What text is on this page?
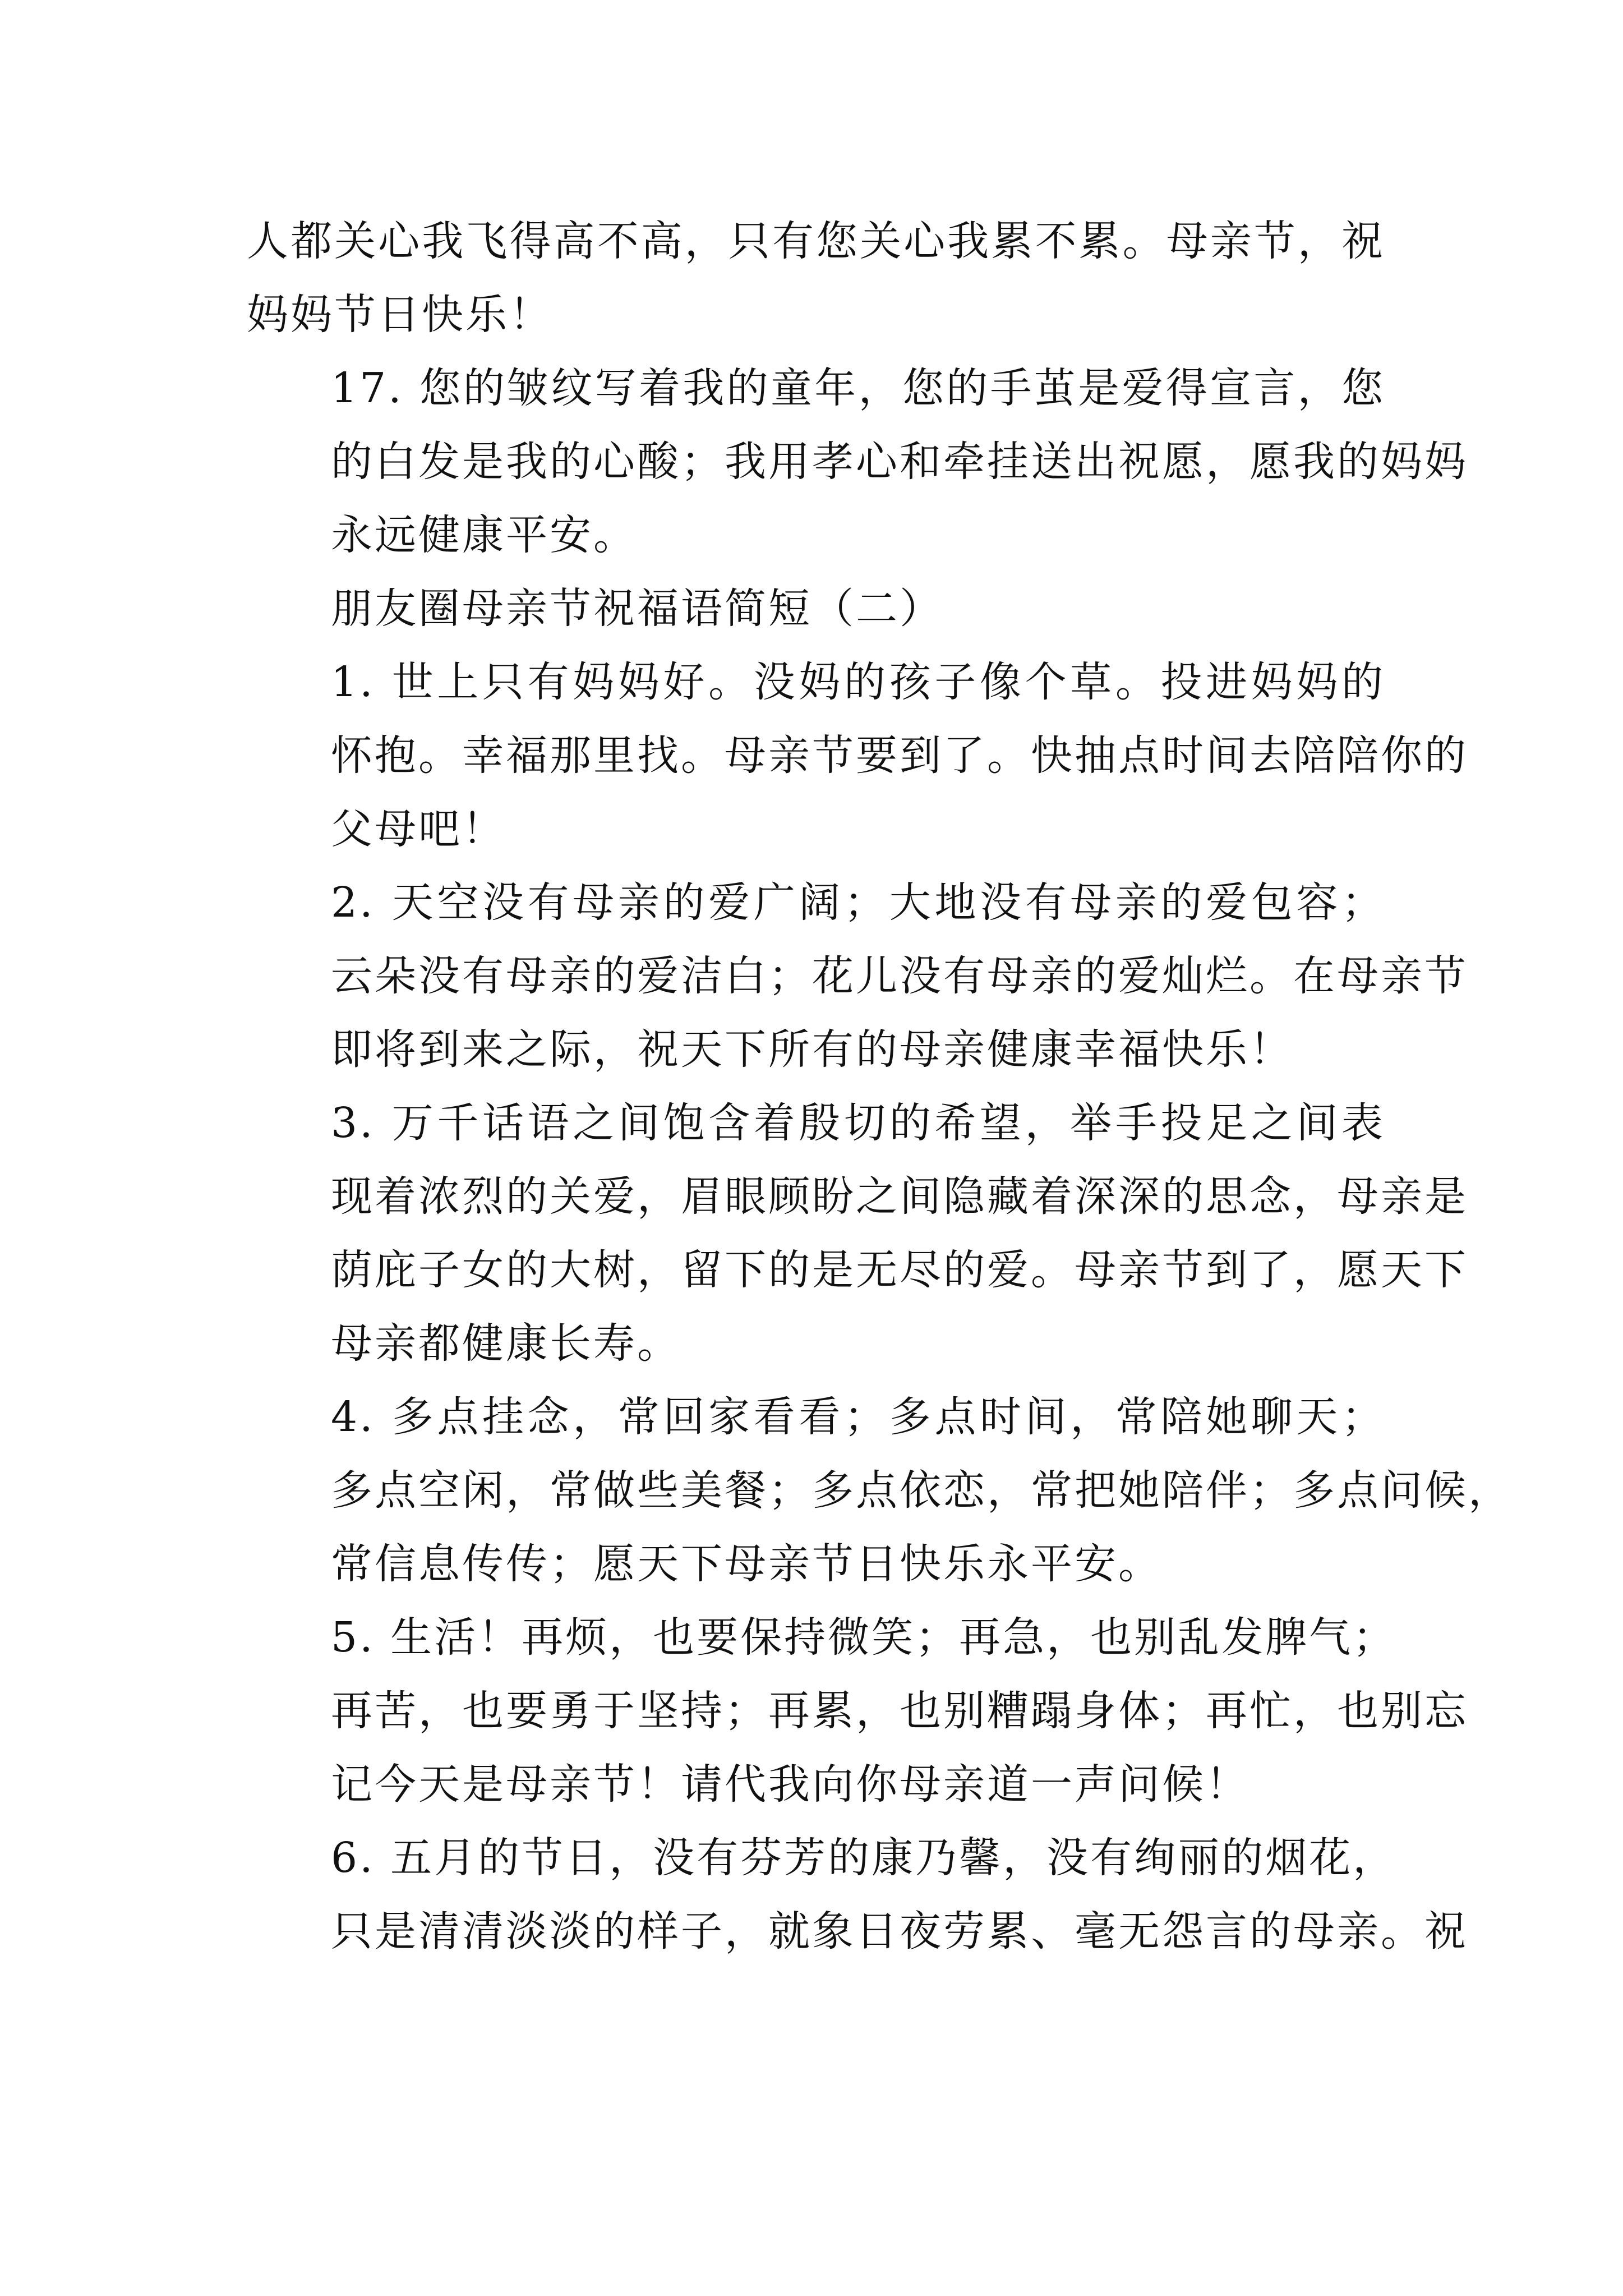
人都关心我飞得高不高，只有您关心我累不累。母亲节，祝
妈妈节日快乐！

17. 您的皱纹写着我的童年，您的手茧是爱得宣言，您
的白发是我的心酸；我用孝心和牵挂送出祝愿，愿我的妈妈
永远健康平安。

朋友圈母亲节祝福语简短（二）

1. 世上只有妈妈好。没妈的孩子像个草。投进妈妈的
怀抱。幸福那里找。母亲节要到了。快抽点时间去陪陪你的
父母吧！

2. 天空没有母亲的爱广阔；大地没有母亲的爱包容；
云朵没有母亲的爱洁白；花儿没有母亲的爱灿烂。在母亲节
即将到来之际，祝天下所有的母亲健康幸福快乐！

3. 万千话语之间饱含着殷切的希望，举手投足之间表
现着浓烈的关爱，眉眼顾盼之间隐藏着深深的思念，母亲是
荫庇子女的大树，留下的是无尽的爱。母亲节到了，愿天下
母亲都健康长寿。

4. 多点挂念，常回家看看；多点时间，常陪她聊天；
多点空闲，常做些美餐；多点依恋，常把她陪伴；多点问候，
常信息传传；愿天下母亲节日快乐永平安。

5. 生活！再烦，也要保持微笑；再急，也别乱发脾气；
再苦，也要勇于坚持；再累，也别糟蹋身体；再忙，也别忘
记今天是母亲节！请代我向你母亲道一声问候！

6. 五月的节日，没有芬芳的康乃馨，没有绚丽的烟花，
只是清清淡淡的样子，就象日夜劳累、毫无怨言的母亲。祝
